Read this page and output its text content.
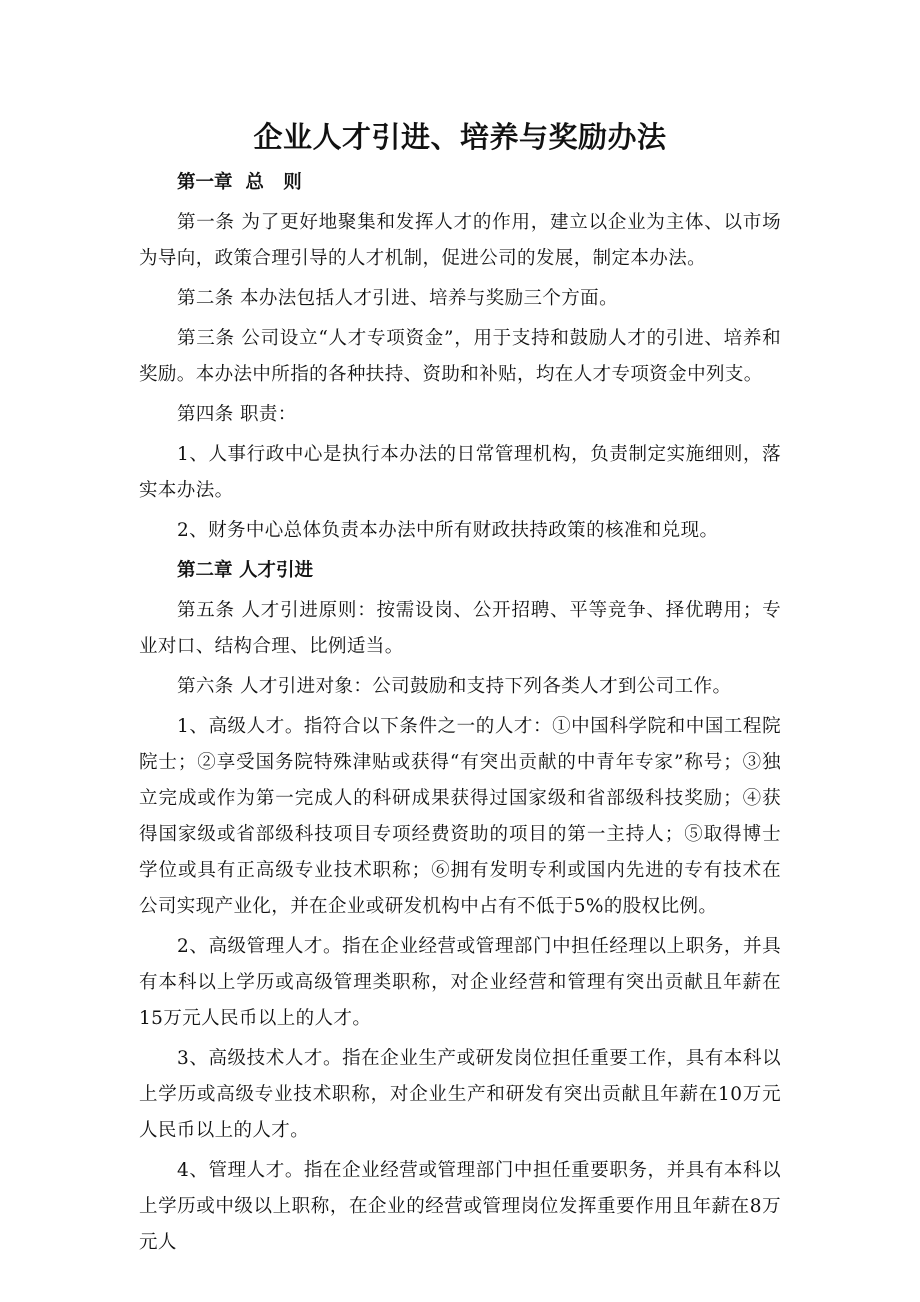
企业人才引进、培养与奖励办法
第一章  总   则

第一条 为了更好地聚集和发挥人才的作用，建立以企业为主体、以市场为导向，政策合理引导的人才机制，促进公司的发展，制定本办法。

第二条 本办法包括人才引进、培养与奖励三个方面。

第三条 公司设立“人才专项资金”，用于支持和鼓励人才的引进、培养和奖励。本办法中所指的各种扶持、资助和补贴，均在人才专项资金中列支。

第四条 职责：

1、人事行政中心是执行本办法的日常管理机构，负责制定实施细则，落实本办法。

2、财务中心总体负责本办法中所有财政扶持政策的核准和兑现。

第二章 人才引进

第五条 人才引进原则：按需设岗、公开招聘、平等竞争、择优聘用；专业对口、结构合理、比例适当。

第六条 人才引进对象：公司鼓励和支持下列各类人才到公司工作。

1、高级人才。指符合以下条件之一的人才：①中国科学院和中国工程院院士；②享受国务院特殊津贴或获得“有突出贡献的中青年专家”称号；③独立完成或作为第一完成人的科研成果获得过国家级和省部级科技奖励；④获得国家级或省部级科技项目专项经费资助的项目的第一主持人；⑤取得博士学位或具有正高级专业技术职称；⑥拥有发明专利或国内先进的专有技术在公司实现产业化，并在企业或研发机构中占有不低于5%的股权比例。

2、高级管理人才。指在企业经营或管理部门中担任经理以上职务，并具有本科以上学历或高级管理类职称，对企业经营和管理有突出贡献且年薪在15万元人民币以上的人才。

3、高级技术人才。指在企业生产或研发岗位担任重要工作，具有本科以上学历或高级专业技术职称，对企业生产和研发有突出贡献且年薪在10万元人民币以上的人才。

4、管理人才。指在企业经营或管理部门中担任重要职务，并具有本科以上学历或中级以上职称，在企业的经营或管理岗位发挥重要作用且年薪在8万元人
